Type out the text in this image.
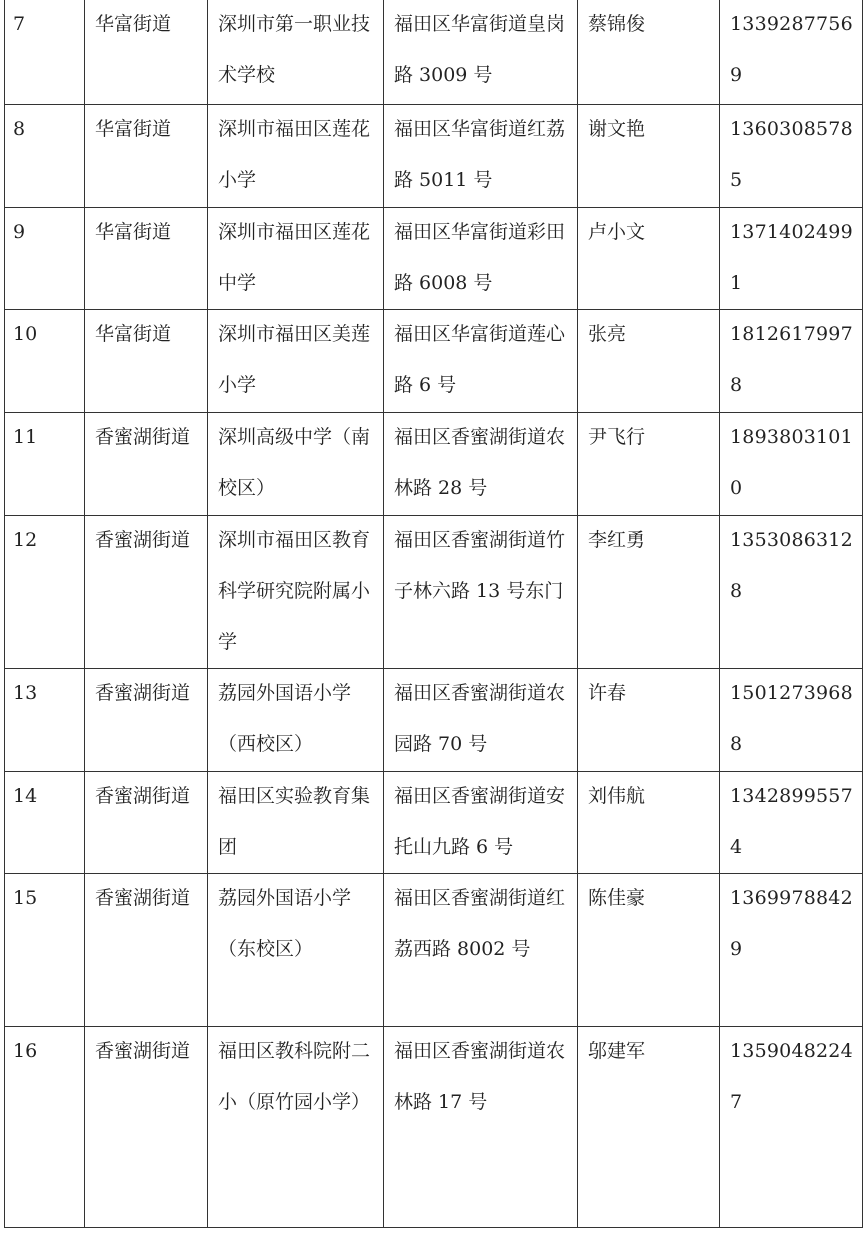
7	华富街道	深圳市第一职业技术学校	福田区华富街道皇岗路 3009 号	蔡锦俊	13392877569

8	华富街道	深圳市福田区莲花小学	福田区华富街道红荔路 5011 号	谢文艳	13603085785

9	华富街道	深圳市福田区莲花中学	福田区华富街道彩田路 6008 号	卢小文	13714024991

10	华富街道	深圳市福田区美莲小学	福田区华富街道莲心路 6 号	张亮	18126179978

11	香蜜湖街道	深圳高级中学（南校区）	福田区香蜜湖街道农林路 28 号	尹飞行	18938031010

12	香蜜湖街道	深圳市福田区教育科学研究院附属小学	福田区香蜜湖街道竹子林六路 13 号东门	李红勇	13530863128

13	香蜜湖街道	荔园外国语小学（西校区）	福田区香蜜湖街道农园路 70 号	许春	15012739688

14	香蜜湖街道	福田区实验教育集团	福田区香蜜湖街道安托山九路 6 号	刘伟航	13428995574

15	香蜜湖街道	荔园外国语小学（东校区）	福田区香蜜湖街道红荔西路 8002 号	陈佳豪	13699788429

16	香蜜湖街道	福田区教科院附二小（原竹园小学）	福田区香蜜湖街道农林路 17 号	邬建军	13590482247
